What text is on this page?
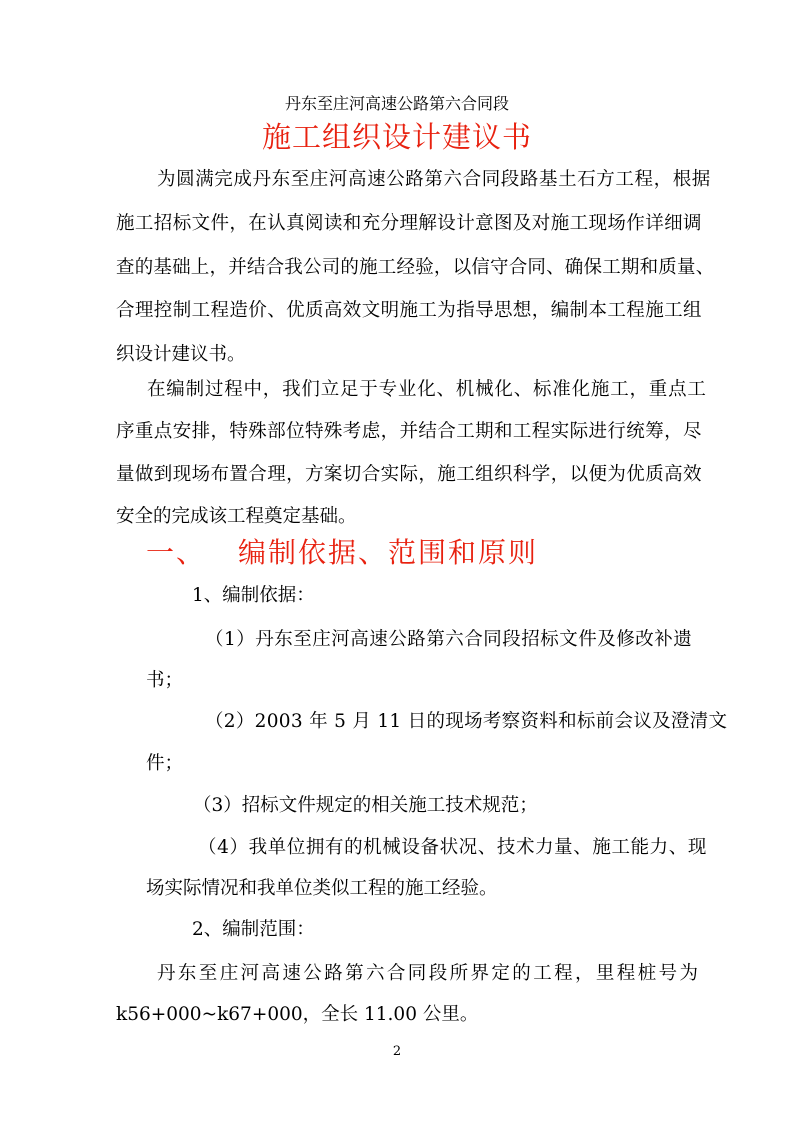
丹东至庄河高速公路第六合同段
施工组织设计建议书
为圆满完成丹东至庄河高速公路第六合同段路基土石方工程，根据
施工招标文件，在认真阅读和充分理解设计意图及对施工现场作详细调
查的基础上，并结合我公司的施工经验，以信守合同、确保工期和质量、
合理控制工程造价、优质高效文明施工为指导思想，编制本工程施工组
织设计建议书。
在编制过程中，我们立足于专业化、机械化、标准化施工，重点工
序重点安排，特殊部位特殊考虑，并结合工期和工程实际进行统筹，尽
量做到现场布置合理，方案切合实际，施工组织科学，以便为优质高效
安全的完成该工程奠定基础。
一、 编制依据、范围和原则
1、编制依据：
（1）丹东至庄河高速公路第六合同段招标文件及修改补遗
书；
（2）2003 年 5 月 11 日的现场考察资料和标前会议及澄清文
件；
（3）招标文件规定的相关施工技术规范；
（4）我单位拥有的机械设备状况、技术力量、施工能力、现
场实际情况和我单位类似工程的施工经验。
2、编制范围：
丹东至庄河高速公路第六合同段所界定的工程，里程桩号为
k56+000~k67+000，全长 11.00 公里。
2
